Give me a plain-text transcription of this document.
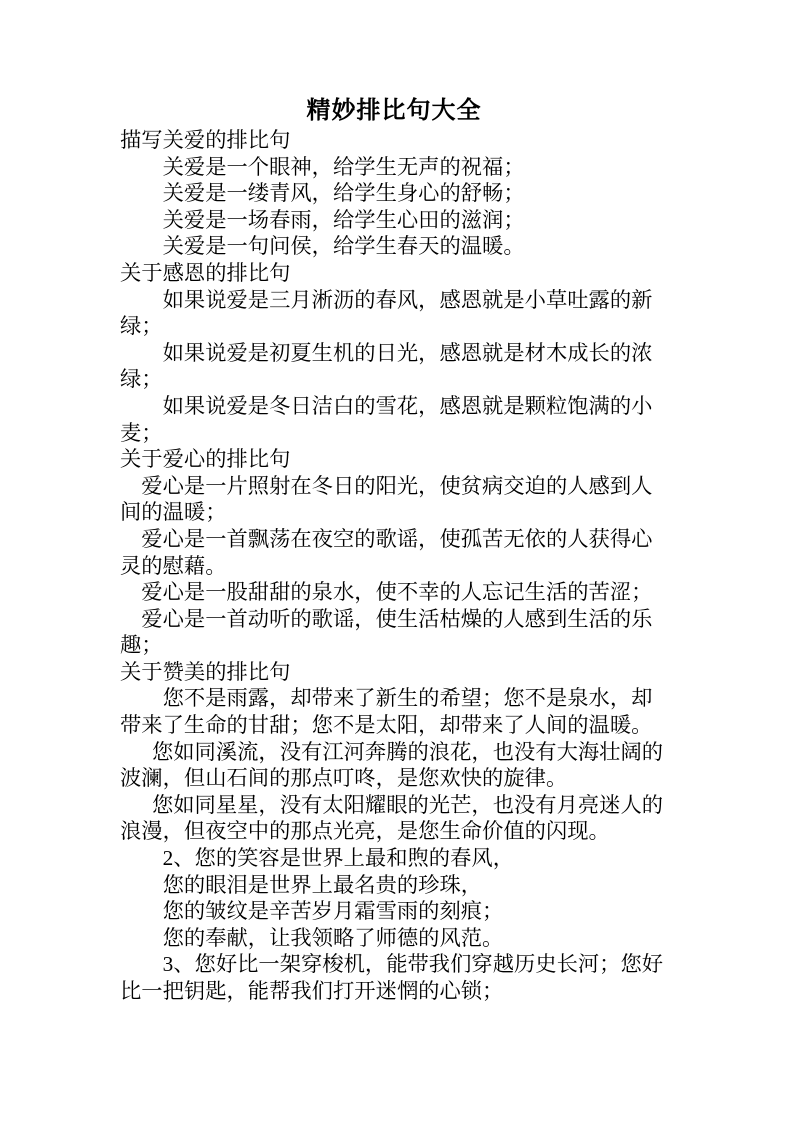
精妙排比句大全

描写关爱的排比句

关爱是一个眼神，给学生无声的祝福；

关爱是一缕青风，给学生身心的舒畅；

关爱是一场春雨，给学生心田的滋润；

关爱是一句问侯，给学生春天的温暖。

关于感恩的排比句

如果说爱是三月淅沥的春风，感恩就是小草吐露的新绿；

如果说爱是初夏生机的日光，感恩就是材木成长的浓绿；

如果说爱是冬日洁白的雪花，感恩就是颗粒饱满的小麦；

关于爱心的排比句

爱心是一片照射在冬日的阳光，使贫病交迫的人感到人间的温暖；

爱心是一首飘荡在夜空的歌谣，使孤苦无依的人获得心灵的慰藉。

爱心是一股甜甜的泉水，使不幸的人忘记生活的苦涩；

爱心是一首动听的歌谣，使生活枯燥的人感到生活的乐趣；

关于赞美的排比句

您不是雨露，却带来了新生的希望；您不是泉水，却带来了生命的甘甜；您不是太阳，却带来了人间的温暖。

您如同溪流，没有江河奔腾的浪花，也没有大海壮阔的波澜，但山石间的那点叮咚，是您欢快的旋律。

您如同星星，没有太阳耀眼的光芒，也没有月亮迷人的浪漫，但夜空中的那点光亮，是您生命价值的闪现。

2、您的笑容是世界上最和煦的春风，

您的眼泪是世界上最名贵的珍珠，

您的皱纹是辛苦岁月霜雪雨的刻痕；

您的奉献，让我领略了师德的风范。

3、您好比一架穿梭机，能带我们穿越历史长河；您好比一把钥匙，能帮我们打开迷惘的心锁；
